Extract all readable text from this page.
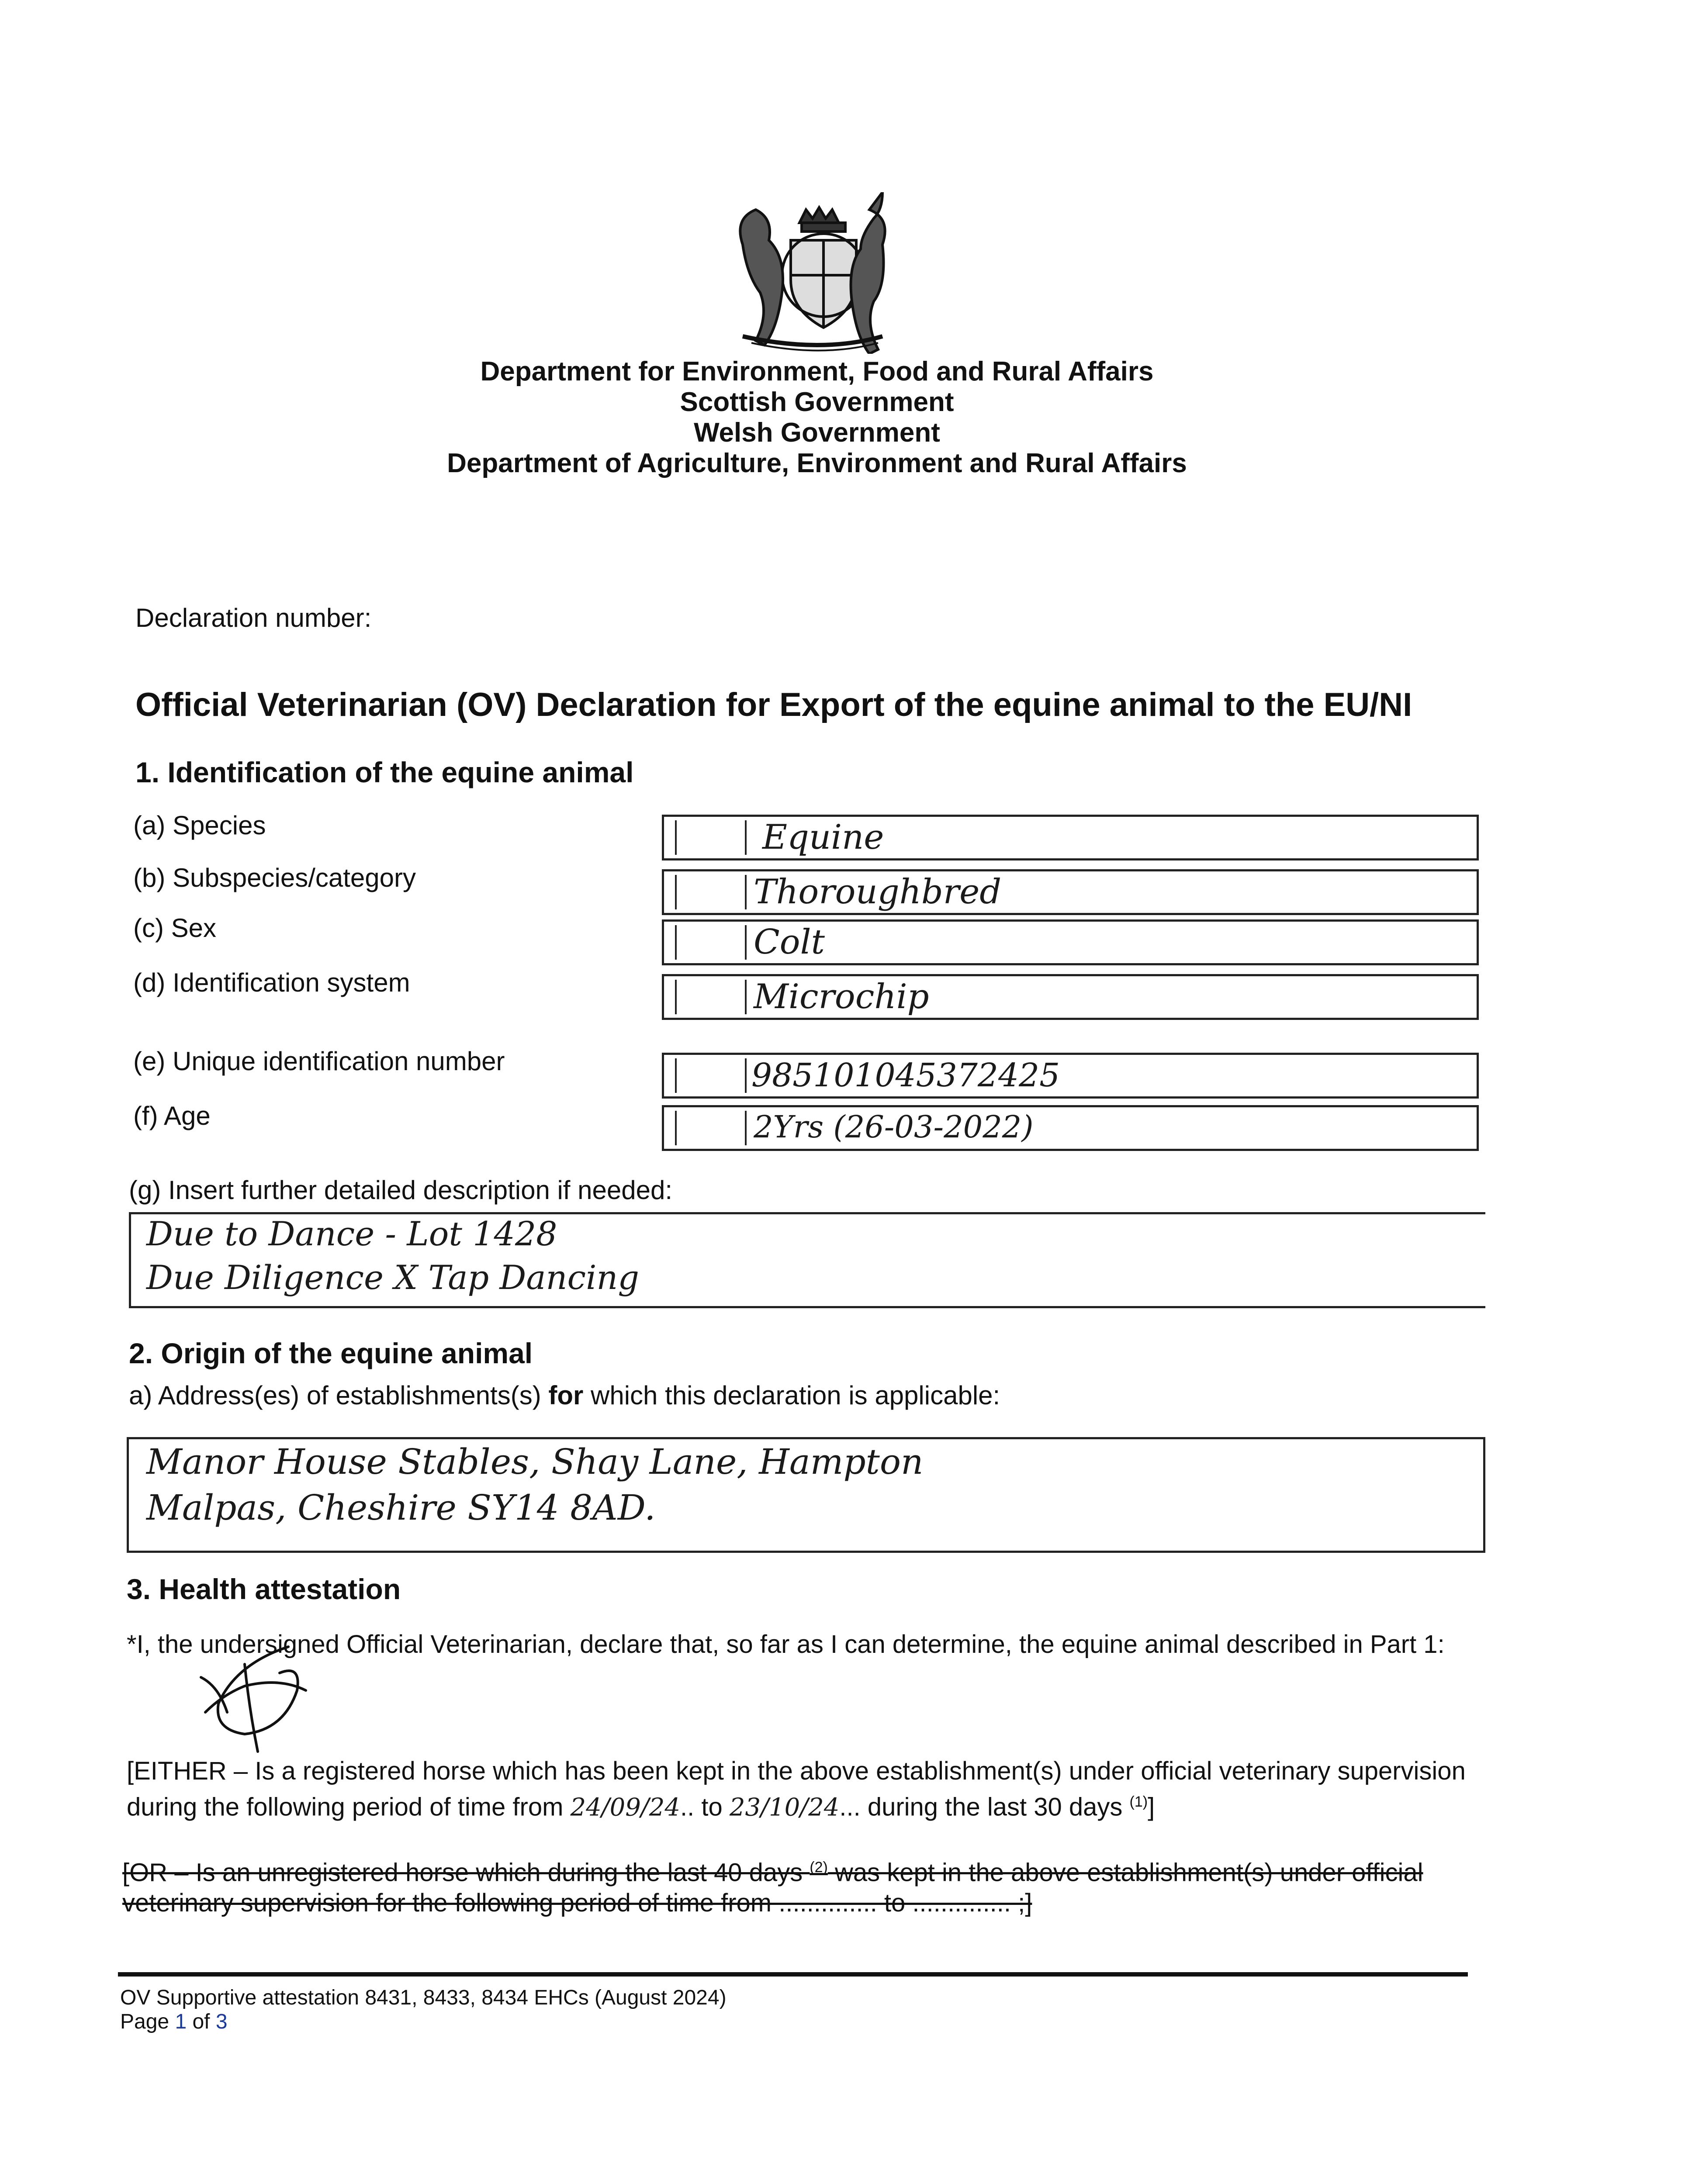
Department for Environment, Food and Rural Affairs
Scottish Government
Welsh Government
Department of Agriculture, Environment and Rural Affairs
Declaration number:
Official Veterinarian (OV) Declaration for Export of the equine animal to the EU/NI
1. Identification of the equine animal
(a) Species	Equine
(b) Subspecies/category	Thoroughbred
(c) Sex	Colt
(d) Identification system	Microchip
(e) Unique identification number	985101045372425
(f) Age	2Yrs (26-03-2022)
(g) Insert further detailed description if needed:
Due to Dance - Lot 1428
Due Diligence X Tap Dancing
2. Origin of the equine animal
a) Address(es) of establishments(s) for which this declaration is applicable:
Manor House Stables, Shay Lane, Hampton
Malpas, Cheshire SY14 8AD.
3. Health attestation
*I, the undersigned Official Veterinarian, declare that, so far as I can determine, the equine animal described in Part 1:
[EITHER – Is a registered horse which has been kept in the above establishment(s) under official veterinary supervision during the following period of time from 24/09/24.. to 23/10/24... during the last 30 days $^{(1)}$]
[OR – Is an unregistered horse which during the last 40 days $^{(2)}$ was kept in the above establishment(s) under official veterinary supervision for the following period of time from .............. to .............. ;]
OV Supportive attestation 8431, 8433, 8434 EHCs (August 2024)
Page 1 of 3
